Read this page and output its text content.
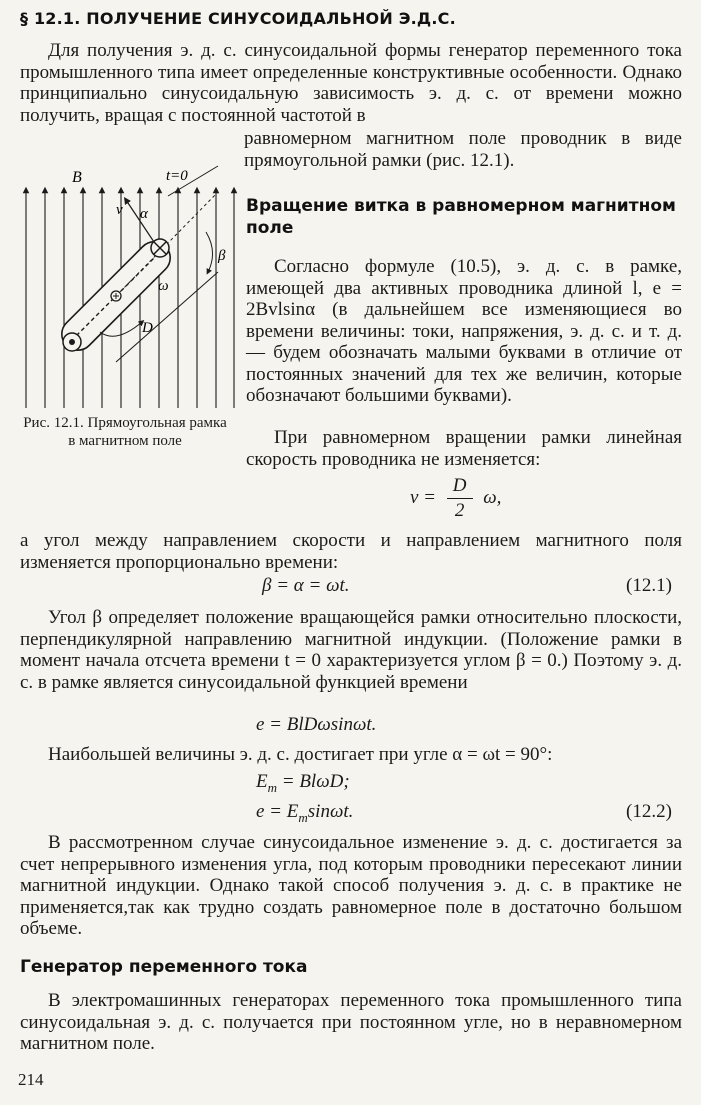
§ 12.1. ПОЛУЧЕНИЕ СИНУСОИДАЛЬНОЙ Э.Д.С.

Для получения э. д. с. синусоидальной формы генератор переменного тока промышленного типа имеет определенные конструктивные особенности. Однако принципиально синусоидальную зависимость э. д. с. от времени можно получить, вращая с постоянной частотой в

равномерном магнитном поле проводник в виде прямоугольной рамки (рис. 12.1).

B	t=0
v α
β
ω
D
Рис. 12.1. Прямоугольная рамка в магнитном поле
Вращение витка в равномерном магнитном поле

Согласно формуле (10.5), э. д. с. в рамке, имеющей два активных проводника длиной l, e = 2Bvlsinα (в дальнейшем все изменяющиеся во времени величины: токи, напряжения, э. д. с. и т. д. — будем обозначать малыми буквами в отличие от постоянных значений для тех же величин, которые обозначают большими буквами).

При равномерном вращении рамки линейная скорость проводника не изменяется:

$v = \frac{D}{2} \omega$,

а угол между направлением скорости и направлением магнитного поля изменяется пропорционально времени:

β = α = ωt.	(12.1)

Угол β определяет положение вращающейся рамки относительно плоскости, перпендикулярной направлению магнитной индукции. (Положение рамки в момент начала отсчета времени t = 0 характеризуется углом β = 0.) Поэтому э. д. с. в рамке является синусоидальной функцией времени

e = BlDωsinωt.

Наибольшей величины э. д. с. достигает при угле α = ωt = 90°:

$E_m = Bl\omega D$;
$e = E_m\sin\omega t$.	(12.2)

В рассмотренном случае синусоидальное изменение э. д. с. достигается за счет непрерывного изменения угла, под которым проводники пересекают линии магнитной индукции. Однако такой способ получения э. д. с. в практике не применяется,так как трудно создать равномерное поле в достаточно большом объеме.

Генератор переменного тока

В электромашинных генераторах переменного тока промышленного типа синусоидальная э. д. с. получается при постоянном угле, но в неравномерном магнитном поле.

214
